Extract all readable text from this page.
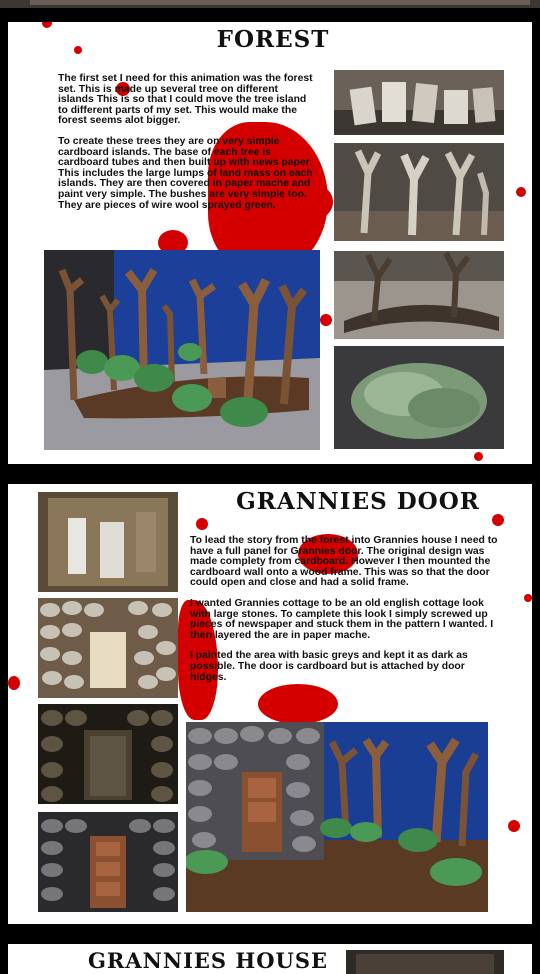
FOREST

The first set I need for this animation was the forest set. This is made up several tree on different islands This is so that I could move the tree island to different parts of my set. This would make the forest seems alot bigger.

To create these trees they are on very simple cardboard islands. The base of each tree is cardboard tubes and then built up with news paper. This includes the large lumps of land mass on each islands. They are then covered in paper mache and paint very simple. The bushes are very simple too. They are pieces of wire wool sprayed green.

GRANNIES DOOR

To lead the story from the forest into Grannies house I need to have a full panel for Grannies door. The original design was made complety from cardboard. However I then mounted the cardboard wall onto a wood frame. This was so that the door could open and close and had a solid frame.

I wanted Grannies cottage to be an old english cottage look with large stones. To camplete this look I simply screwed up pieces of newspaper and stuck them in the pattern I wanted. I then layered the are in paper mache.

I painted the area with basic greys and kept it as dark as possible. The door is cardboard but is attached by door hidges.

GRANNIES HOUSE
